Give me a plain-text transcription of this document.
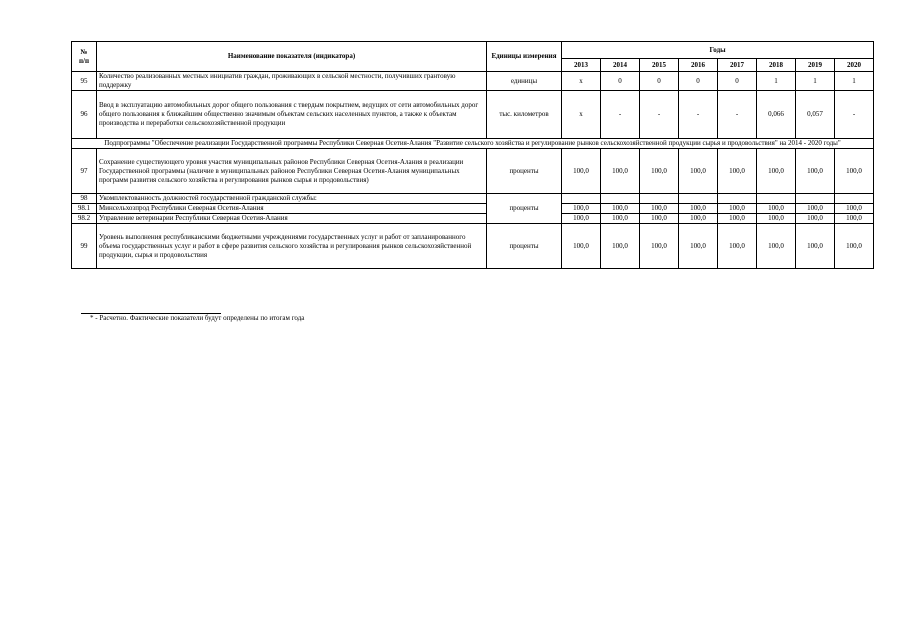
№
п/п	Наименование показателя (индикатора)	Единицы измерения	Годы							
			2013	2014	2015	2016	2017	2018	2019	2020
95	Количество реализованных местных инициатив граждан, проживающих в сельской местности, получивших грантовую поддержку	единицы	x	0	0	0	0	1	1	1
96	Ввод в эксплуатацию автомобильных дорог общего пользования с твердым покрытием, ведущих от сети автомобильных дорог общего пользования к ближайшим общественно значимым объектам сельских населенных пунктов, а также к объектам производства и переработки сельскохозяйственной продукции	тыс. километров	x	-	-	-	-	0,066	0,057	-
Подпрограммы "Обеспечение реализации Государственной программы Республики Северная Осетия-Алания "Развитие сельского хозяйства и регулирование рынков сельскохозяйственной продукции сырья и продовольствия" на 2014 - 2020 годы"										
97	Сохранение существующего уровня участия муниципальных районов Республики Северная Осетия-Алания в реализации Государственной программы (наличие в муниципальных районов Республики Северная Осетия-Алания муниципальных программ развития сельского хозяйства и регулирования рынков сырья и продовольствия)	проценты	100,0	100,0	100,0	100,0	100,0	100,0	100,0	100,0
98	Укомплектованность должностей государственной гражданской службы:	проценты								
98.1	Минсельхозпрод Республики Северная Осетия-Алания		100,0	100,0	100,0	100,0	100,0	100,0	100,0	100,0
98.2	Управление ветеринарии Республики Северная Осетия-Алания		100,0	100,0	100,0	100,0	100,0	100,0	100,0	100,0
99	Уровень выполнения республиканскими бюджетными учреждениями государственных услуг и работ от запланированного объема государственных услуг и работ в сфере развития сельского хозяйства и регулирования рынков сельскохозяйственной продукции, сырья и продовольствия	проценты	100,0	100,0	100,0	100,0	100,0	100,0	100,0	100,0
* - Расчетно. Фактические показатели будут определены по итогам года
